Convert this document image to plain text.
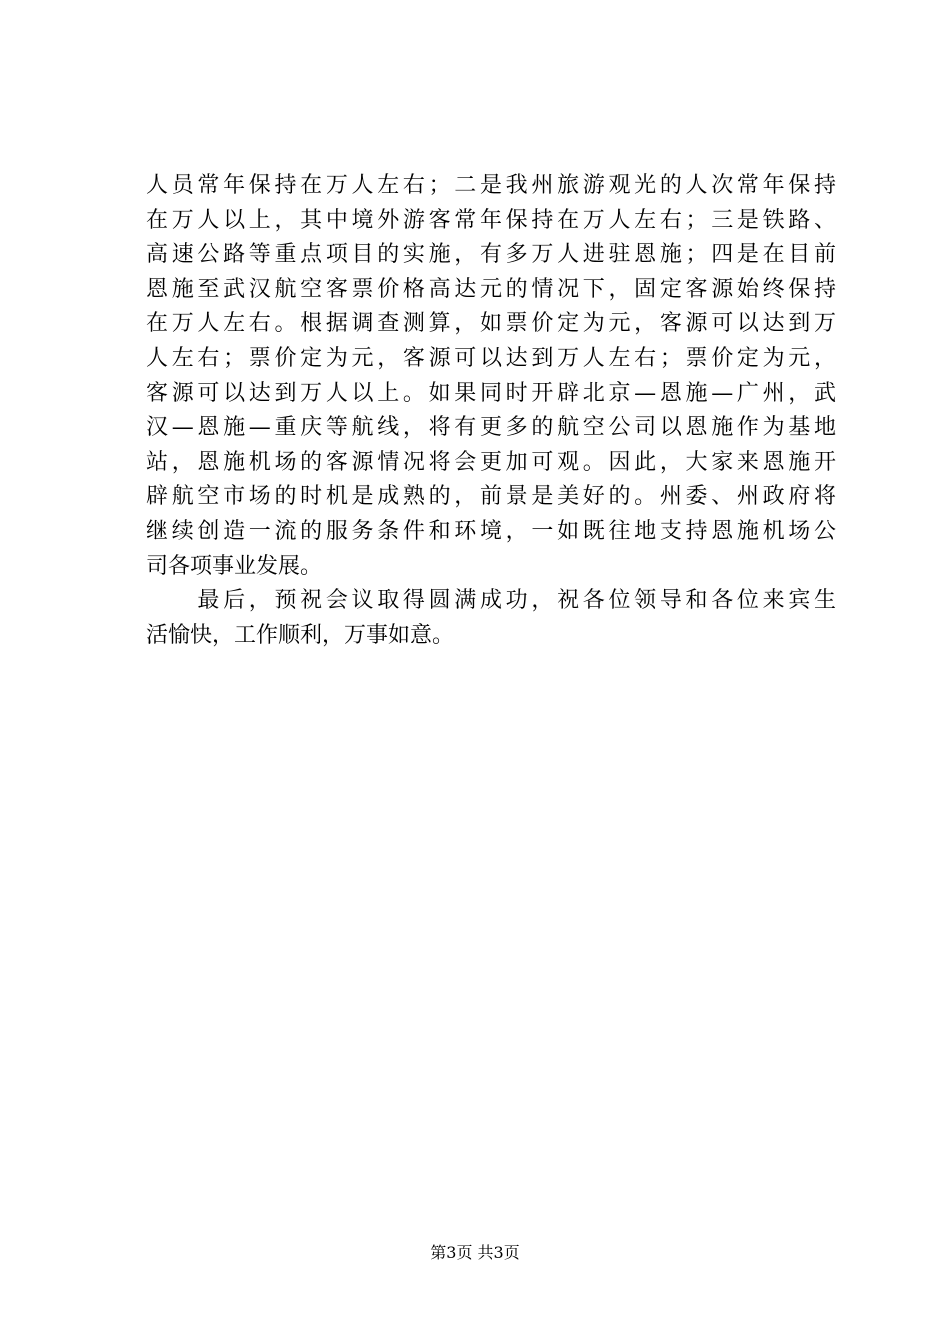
人员常年保持在万人左右；二是我州旅游观光的人次常年保持
在万人以上，其中境外游客常年保持在万人左右；三是铁路、
高速公路等重点项目的实施，有多万人进驻恩施；四是在目前
恩施至武汉航空客票价格高达元的情况下，固定客源始终保持
在万人左右。根据调查测算，如票价定为元，客源可以达到万
人左右；票价定为元，客源可以达到万人左右；票价定为元，
客源可以达到万人以上。如果同时开辟北京—恩施—广州，武
汉—恩施—重庆等航线，将有更多的航空公司以恩施作为基地
站，恩施机场的客源情况将会更加可观。因此，大家来恩施开
辟航空市场的时机是成熟的，前景是美好的。州委、州政府将
继续创造一流的服务条件和环境，一如既往地支持恩施机场公
司各项事业发展。
　　最后，预祝会议取得圆满成功，祝各位领导和各位来宾生
活愉快，工作顺利，万事如意。
第3页 共3页
